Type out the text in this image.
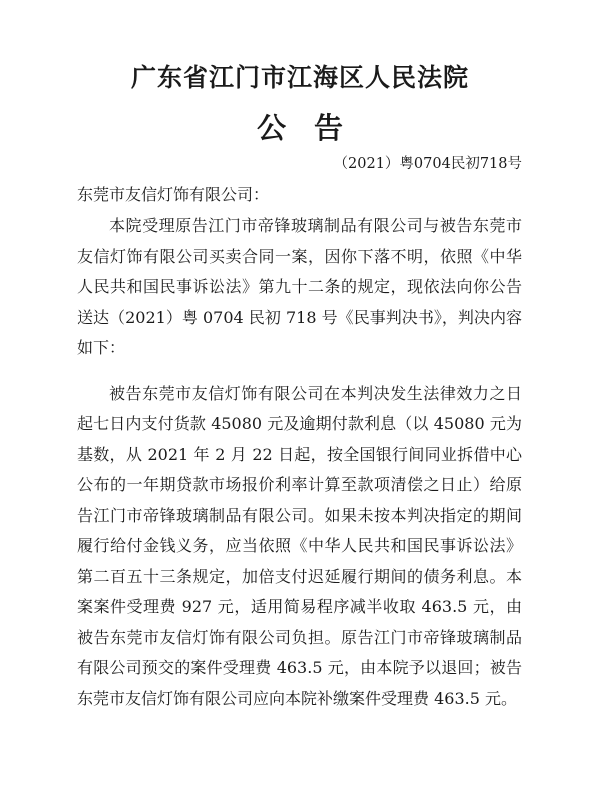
广东省江门市江海区人民法院
公告
（2021）粤0704民初718号
东莞市友信灯饰有限公司：

本院受理原告江门市帝锋玻璃制品有限公司与被告东莞市友信灯饰有限公司买卖合同一案，因你下落不明，依照《中华人民共和国民事诉讼法》第九十二条的规定，现依法向你公告送达（2021）粤 0704 民初 718 号《民事判决书》，判决内容如下：

被告东莞市友信灯饰有限公司在本判决发生法律效力之日起七日内支付货款 45080 元及逾期付款利息（以 45080 元为基数，从 2021 年 2 月 22 日起，按全国银行间同业拆借中心公布的一年期贷款市场报价利率计算至款项清偿之日止）给原告江门市帝锋玻璃制品有限公司。如果未按本判决指定的期间履行给付金钱义务，应当依照《中华人民共和国民事诉讼法》第二百五十三条规定，加倍支付迟延履行期间的债务利息。本案案件受理费 927 元，适用简易程序减半收取 463.5 元，由被告东莞市友信灯饰有限公司负担。原告江门市帝锋玻璃制品有限公司预交的案件受理费 463.5 元，由本院予以退回；被告东莞市友信灯饰有限公司应向本院补缴案件受理费 463.5 元。
